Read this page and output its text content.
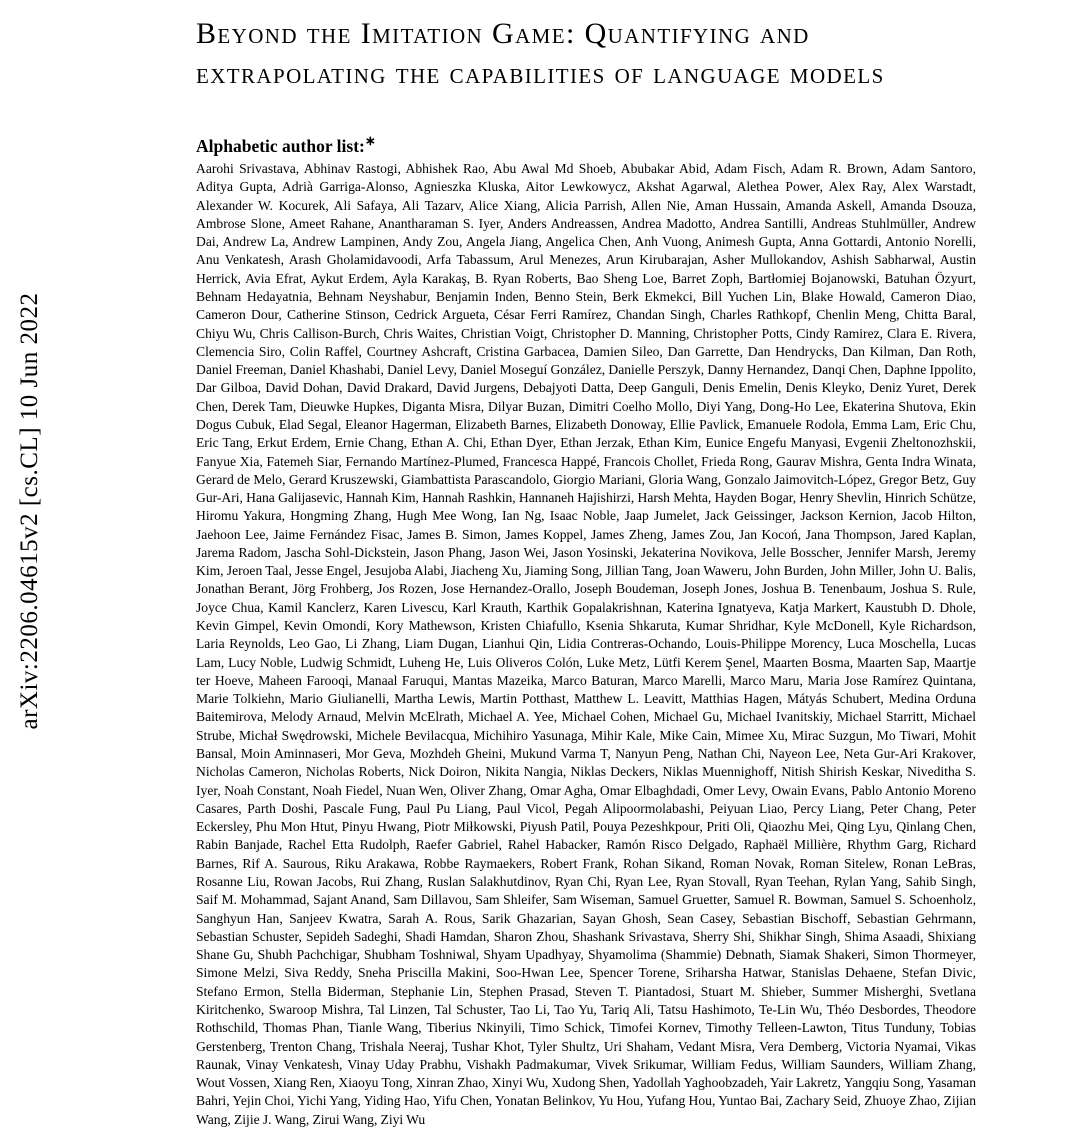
arXiv:2206.04615v2 [cs.CL] 10 Jun 2022
Beyond the Imitation Game: Quantifying and extrapolating the capabilities of language models
Alphabetic author list:∗
Aarohi Srivastava, Abhinav Rastogi, Abhishek Rao, Abu Awal Md Shoeb, Abubakar Abid, Adam Fisch, Adam R. Brown, Adam Santoro, Aditya Gupta, Adrià Garriga-Alonso, Agnieszka Kluska, Aitor Lewkowycz, Akshat Agarwal, Alethea Power, Alex Ray, Alex Warstadt, Alexander W. Kocurek, Ali Safaya, Ali Tazarv, Alice Xiang, Alicia Parrish, Allen Nie, Aman Hussain, Amanda Askell, Amanda Dsouza, Ambrose Slone, Ameet Rahane, Anantharaman S. Iyer, Anders Andreassen, Andrea Madotto, Andrea Santilli, Andreas Stuhlmüller, Andrew Dai, Andrew La, Andrew Lampinen, Andy Zou, Angela Jiang, Angelica Chen, Anh Vuong, Animesh Gupta, Anna Gottardi, Antonio Norelli, Anu Venkatesh, Arash Gholamidavoodi, Arfa Tabassum, Arul Menezes, Arun Kirubarajan, Asher Mullokandov, Ashish Sabharwal, Austin Herrick, Avia Efrat, Aykut Erdem, Ayla Karakaş, B. Ryan Roberts, Bao Sheng Loe, Barret Zoph, Bartłomiej Bojanowski, Batuhan Özyurt, Behnam Hedayatnia, Behnam Neyshabur, Benjamin Inden, Benno Stein, Berk Ekmekci, Bill Yuchen Lin, Blake Howald, Cameron Diao, Cameron Dour, Catherine Stinson, Cedrick Argueta, César Ferri Ramírez, Chandan Singh, Charles Rathkopf, Chenlin Meng, Chitta Baral, Chiyu Wu, Chris Callison-Burch, Chris Waites, Christian Voigt, Christopher D. Manning, Christopher Potts, Cindy Ramirez, Clara E. Rivera, Clemencia Siro, Colin Raffel, Courtney Ashcraft, Cristina Garbacea, Damien Sileo, Dan Garrette, Dan Hendrycks, Dan Kilman, Dan Roth, Daniel Freeman, Daniel Khashabi, Daniel Levy, Daniel Moseguí González, Danielle Perszyk, Danny Hernandez, Danqi Chen, Daphne Ippolito, Dar Gilboa, David Dohan, David Drakard, David Jurgens, Debajyoti Datta, Deep Ganguli, Denis Emelin, Denis Kleyko, Deniz Yuret, Derek Chen, Derek Tam, Dieuwke Hupkes, Diganta Misra, Dilyar Buzan, Dimitri Coelho Mollo, Diyi Yang, Dong-Ho Lee, Ekaterina Shutova, Ekin Dogus Cubuk, Elad Segal, Eleanor Hagerman, Elizabeth Barnes, Elizabeth Donoway, Ellie Pavlick, Emanuele Rodola, Emma Lam, Eric Chu, Eric Tang, Erkut Erdem, Ernie Chang, Ethan A. Chi, Ethan Dyer, Ethan Jerzak, Ethan Kim, Eunice Engefu Manyasi, Evgenii Zheltonozhskii, Fanyue Xia, Fatemeh Siar, Fernando Martínez-Plumed, Francesca Happé, Francois Chollet, Frieda Rong, Gaurav Mishra, Genta Indra Winata, Gerard de Melo, Gerard Kruszewski, Giambattista Parascandolo, Giorgio Mariani, Gloria Wang, Gonzalo Jaimovitch-López, Gregor Betz, Guy Gur-Ari, Hana Galijasevic, Hannah Kim, Hannah Rashkin, Hannaneh Hajishirzi, Harsh Mehta, Hayden Bogar, Henry Shevlin, Hinrich Schütze, Hiromu Yakura, Hongming Zhang, Hugh Mee Wong, Ian Ng, Isaac Noble, Jaap Jumelet, Jack Geissinger, Jackson Kernion, Jacob Hilton, Jaehoon Lee, Jaime Fernández Fisac, James B. Simon, James Koppel, James Zheng, James Zou, Jan Kocoń, Jana Thompson, Jared Kaplan, Jarema Radom, Jascha Sohl-Dickstein, Jason Phang, Jason Wei, Jason Yosinski, Jekaterina Novikova, Jelle Bosscher, Jennifer Marsh, Jeremy Kim, Jeroen Taal, Jesse Engel, Jesujoba Alabi, Jiacheng Xu, Jiaming Song, Jillian Tang, Joan Waweru, John Burden, John Miller, John U. Balis, Jonathan Berant, Jörg Frohberg, Jos Rozen, Jose Hernandez-Orallo, Joseph Boudeman, Joseph Jones, Joshua B. Tenenbaum, Joshua S. Rule, Joyce Chua, Kamil Kanclerz, Karen Livescu, Karl Krauth, Karthik Gopalakrishnan, Katerina Ignatyeva, Katja Markert, Kaustubh D. Dhole, Kevin Gimpel, Kevin Omondi, Kory Mathewson, Kristen Chiafullo, Ksenia Shkaruta, Kumar Shridhar, Kyle McDonell, Kyle Richardson, Laria Reynolds, Leo Gao, Li Zhang, Liam Dugan, Lianhui Qin, Lidia Contreras-Ochando, Louis-Philippe Morency, Luca Moschella, Lucas Lam, Lucy Noble, Ludwig Schmidt, Luheng He, Luis Oliveros Colón, Luke Metz, Lütfi Kerem Şenel, Maarten Bosma, Maarten Sap, Maartje ter Hoeve, Maheen Farooqi, Manaal Faruqui, Mantas Mazeika, Marco Baturan, Marco Marelli, Marco Maru, Maria Jose Ramírez Quintana, Marie Tolkiehn, Mario Giulianelli, Martha Lewis, Martin Potthast, Matthew L. Leavitt, Matthias Hagen, Mátyás Schubert, Medina Orduna Baitemirova, Melody Arnaud, Melvin McElrath, Michael A. Yee, Michael Cohen, Michael Gu, Michael Ivanitskiy, Michael Starritt, Michael Strube, Michał Swędrowski, Michele Bevilacqua, Michihiro Yasunaga, Mihir Kale, Mike Cain, Mimee Xu, Mirac Suzgun, Mo Tiwari, Mohit Bansal, Moin Aminnaseri, Mor Geva, Mozhdeh Gheini, Mukund Varma T, Nanyun Peng, Nathan Chi, Nayeon Lee, Neta Gur-Ari Krakover, Nicholas Cameron, Nicholas Roberts, Nick Doiron, Nikita Nangia, Niklas Deckers, Niklas Muennighoff, Nitish Shirish Keskar, Niveditha S. Iyer, Noah Constant, Noah Fiedel, Nuan Wen, Oliver Zhang, Omar Agha, Omar Elbaghdadi, Omer Levy, Owain Evans, Pablo Antonio Moreno Casares, Parth Doshi, Pascale Fung, Paul Pu Liang, Paul Vicol, Pegah Alipoormolabashi, Peiyuan Liao, Percy Liang, Peter Chang, Peter Eckersley, Phu Mon Htut, Pinyu Hwang, Piotr Miłkowski, Piyush Patil, Pouya Pezeshkpour, Priti Oli, Qiaozhu Mei, Qing Lyu, Qinlang Chen, Rabin Banjade, Rachel Etta Rudolph, Raefer Gabriel, Rahel Habacker, Ramón Risco Delgado, Raphaël Millière, Rhythm Garg, Richard Barnes, Rif A. Saurous, Riku Arakawa, Robbe Raymaekers, Robert Frank, Rohan Sikand, Roman Novak, Roman Sitelew, Ronan LeBras, Rosanne Liu, Rowan Jacobs, Rui Zhang, Ruslan Salakhutdinov, Ryan Chi, Ryan Lee, Ryan Stovall, Ryan Teehan, Rylan Yang, Sahib Singh, Saif M. Mohammad, Sajant Anand, Sam Dillavou, Sam Shleifer, Sam Wiseman, Samuel Gruetter, Samuel R. Bowman, Samuel S. Schoenholz, Sanghyun Han, Sanjeev Kwatra, Sarah A. Rous, Sarik Ghazarian, Sayan Ghosh, Sean Casey, Sebastian Bischoff, Sebastian Gehrmann, Sebastian Schuster, Sepideh Sadeghi, Shadi Hamdan, Sharon Zhou, Shashank Srivastava, Sherry Shi, Shikhar Singh, Shima Asaadi, Shixiang Shane Gu, Shubh Pachchigar, Shubham Toshniwal, Shyam Upadhyay, Shyamolima (Shammie) Debnath, Siamak Shakeri, Simon Thormeyer, Simone Melzi, Siva Reddy, Sneha Priscilla Makini, Soo-Hwan Lee, Spencer Torene, Sriharsha Hatwar, Stanislas Dehaene, Stefan Divic, Stefano Ermon, Stella Biderman, Stephanie Lin, Stephen Prasad, Steven T. Piantadosi, Stuart M. Shieber, Summer Misherghi, Svetlana Kiritchenko, Swaroop Mishra, Tal Linzen, Tal Schuster, Tao Li, Tao Yu, Tariq Ali, Tatsu Hashimoto, Te-Lin Wu, Théo Desbordes, Theodore Rothschild, Thomas Phan, Tianle Wang, Tiberius Nkinyili, Timo Schick, Timofei Kornev, Timothy Telleen-Lawton, Titus Tunduny, Tobias Gerstenberg, Trenton Chang, Trishala Neeraj, Tushar Khot, Tyler Shultz, Uri Shaham, Vedant Misra, Vera Demberg, Victoria Nyamai, Vikas Raunak, Vinay Venkatesh, Vinay Uday Prabhu, Vishakh Padmakumar, Vivek Srikumar, William Fedus, William Saunders, William Zhang, Wout Vossen, Xiang Ren, Xiaoyu Tong, Xinran Zhao, Xinyi Wu, Xudong Shen, Yadollah Yaghoobzadeh, Yair Lakretz, Yangqiu Song, Yasaman Bahri, Yejin Choi, Yichi Yang, Yiding Hao, Yifu Chen, Yonatan Belinkov, Yu Hou, Yufang Hou, Yuntao Bai, Zachary Seid, Zhuoye Zhao, Zijian Wang, Zijie J. Wang, Zirui Wang, Ziyi Wu
